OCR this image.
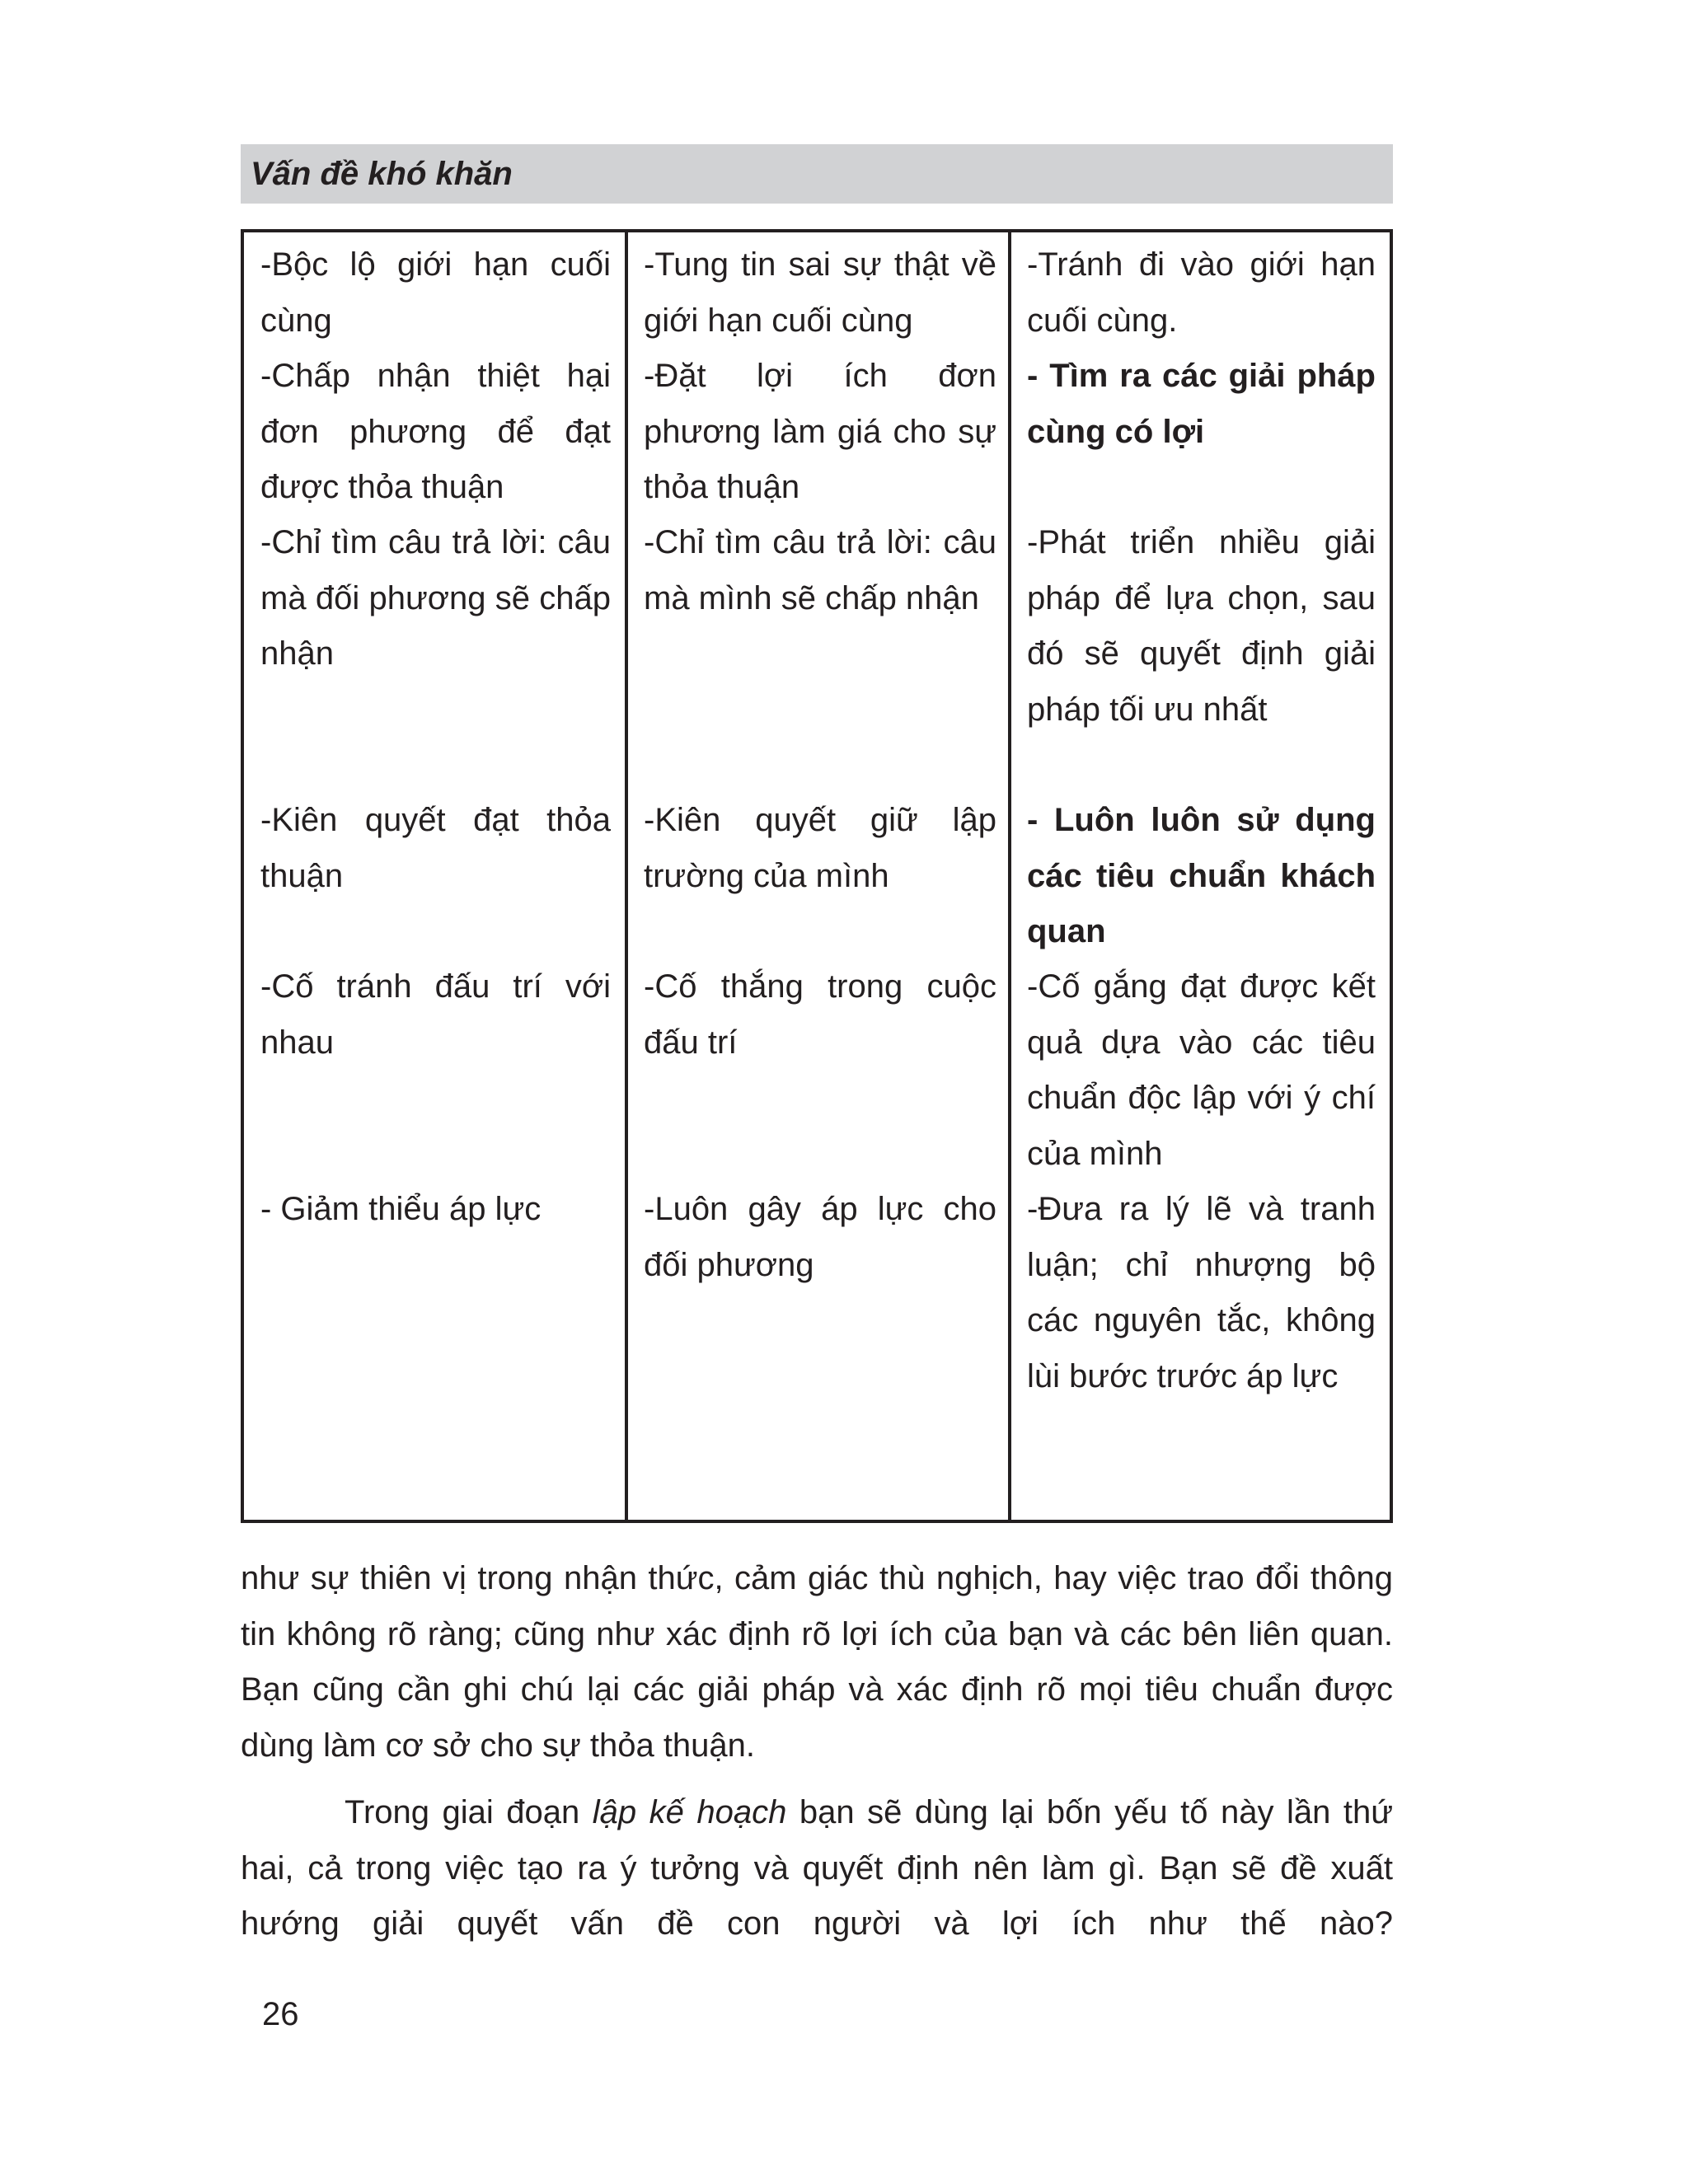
Vấn đề khó khăn
-Bộc lộ giới hạn cuối cùng
-Tung tin sai sự thật về giới hạn cuối cùng
-Tránh đi vào giới hạn cuối cùng.
-Chấp nhận thiệt hại đơn phương để đạt được thỏa thuận
-Đặt lợi ích đơn phương làm giá cho sự thỏa thuận
- Tìm ra các giải pháp cùng có lợi
-Chỉ tìm câu trả lời: câu mà đối phương sẽ chấp nhận
-Chỉ tìm câu trả lời: câu mà mình sẽ chấp nhận
-Phát triển nhiều giải pháp để lựa chọn, sau đó sẽ quyết định giải pháp tối ưu nhất
-Kiên quyết đạt thỏa thuận
-Kiên quyết giữ lập trường của mình
- Luôn luôn sử dụng các tiêu chuẩn khách quan
-Cố tránh đấu trí với nhau
-Cố thắng trong cuộc đấu trí
-Cố gắng đạt được kết quả dựa vào các tiêu chuẩn độc lập với ý chí của mình
- Giảm thiểu áp lực	-Luôn gây áp lực cho đối phương
-Đưa ra lý lẽ và tranh luận; chỉ nhượng bộ các nguyên tắc, không lùi bước trước áp lực
như sự thiên vị trong nhận thức, cảm giác thù nghịch, hay việc trao đổi thông tin không rõ ràng; cũng như xác định rõ lợi ích của bạn và các bên liên quan. Bạn cũng cần ghi chú lại các giải pháp và xác định rõ mọi tiêu chuẩn được dùng làm cơ sở cho sự thỏa thuận.
Trong giai đoạn lập kế hoạch bạn sẽ dùng lại bốn yếu tố này lần thứ hai, cả trong việc tạo ra ý tưởng và quyết định nên làm gì. Bạn sẽ đề xuất hướng giải quyết vấn đề con người và lợi ích như thế nào?
26
